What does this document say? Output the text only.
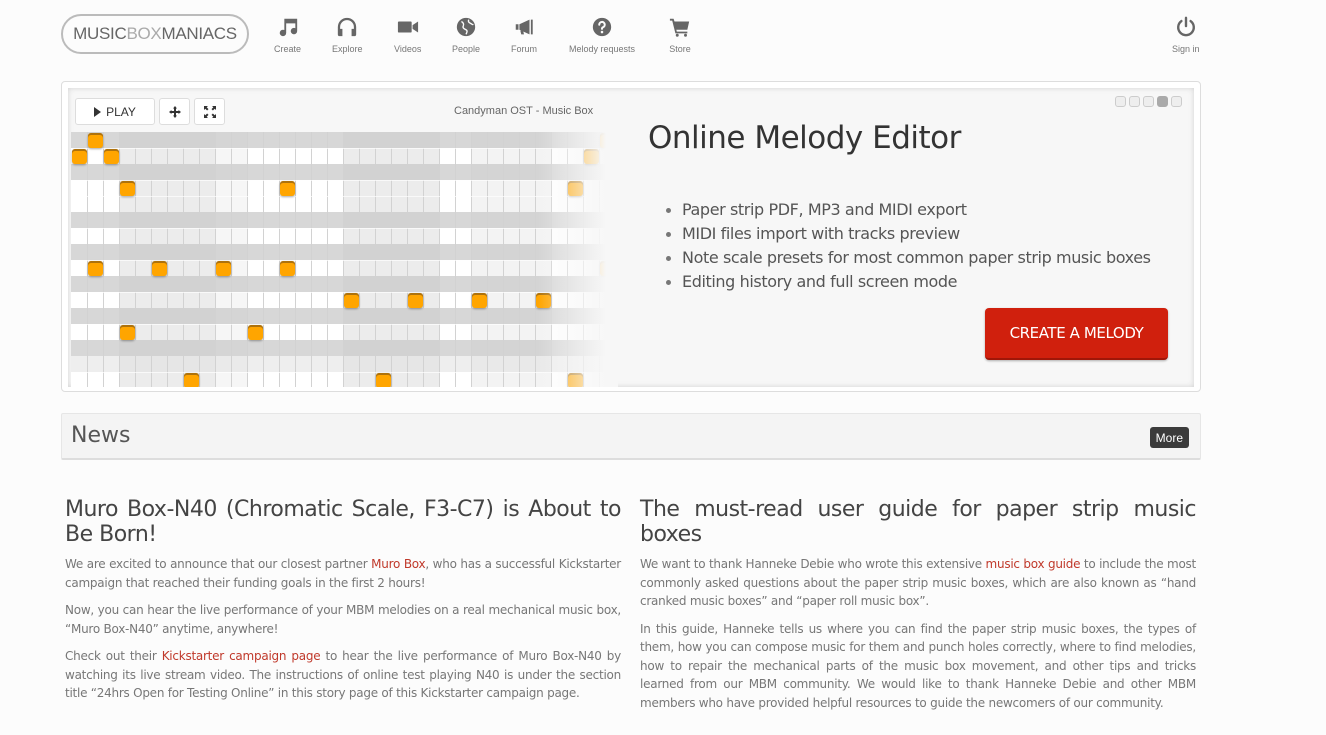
MUSIC BOX MANIACS
Create	Explore	Videos	People	Forum	Melody requests	Store	Sign in
PLAY	Candyman OST - Music Box
Online Melody Editor
Paper strip PDF, MP3 and MIDI export
MIDI files import with tracks preview
Note scale presets for most common paper strip music boxes
Editing history and full screen mode
CREATE A MELODY
News	More
Muro Box-N40 (Chromatic Scale, F3-C7) is About to Be Born!

We are excited to announce that our closest partner Muro Box, who has a successful Kickstarter campaign that reached their funding goals in the first 2 hours!

Now, you can hear the live performance of your MBM melodies on a real mechanical music box, “Muro Box-N40” anytime, anywhere!

Check out their Kickstarter campaign page to hear the live performance of Muro Box-N40 by watching its live stream video. The instructions of online test playing N40 is under the section title “24hrs Open for Testing Online” in this story page of this Kickstarter campaign page.

The must-read user guide for paper strip music boxes

We want to thank Hanneke Debie who wrote this extensive music box guide to include the most commonly asked questions about the paper strip music boxes, which are also known as “hand cranked music boxes” and “paper roll music box”.

In this guide, Hanneke tells us where you can find the paper strip music boxes, the types of them, how you can compose music for them and punch holes correctly, where to find melodies, how to repair the mechanical parts of the music box movement, and other tips and tricks learned from our MBM community. We would like to thank Hanneke Debie and other MBM members who have provided helpful resources to guide the newcomers of our community.
